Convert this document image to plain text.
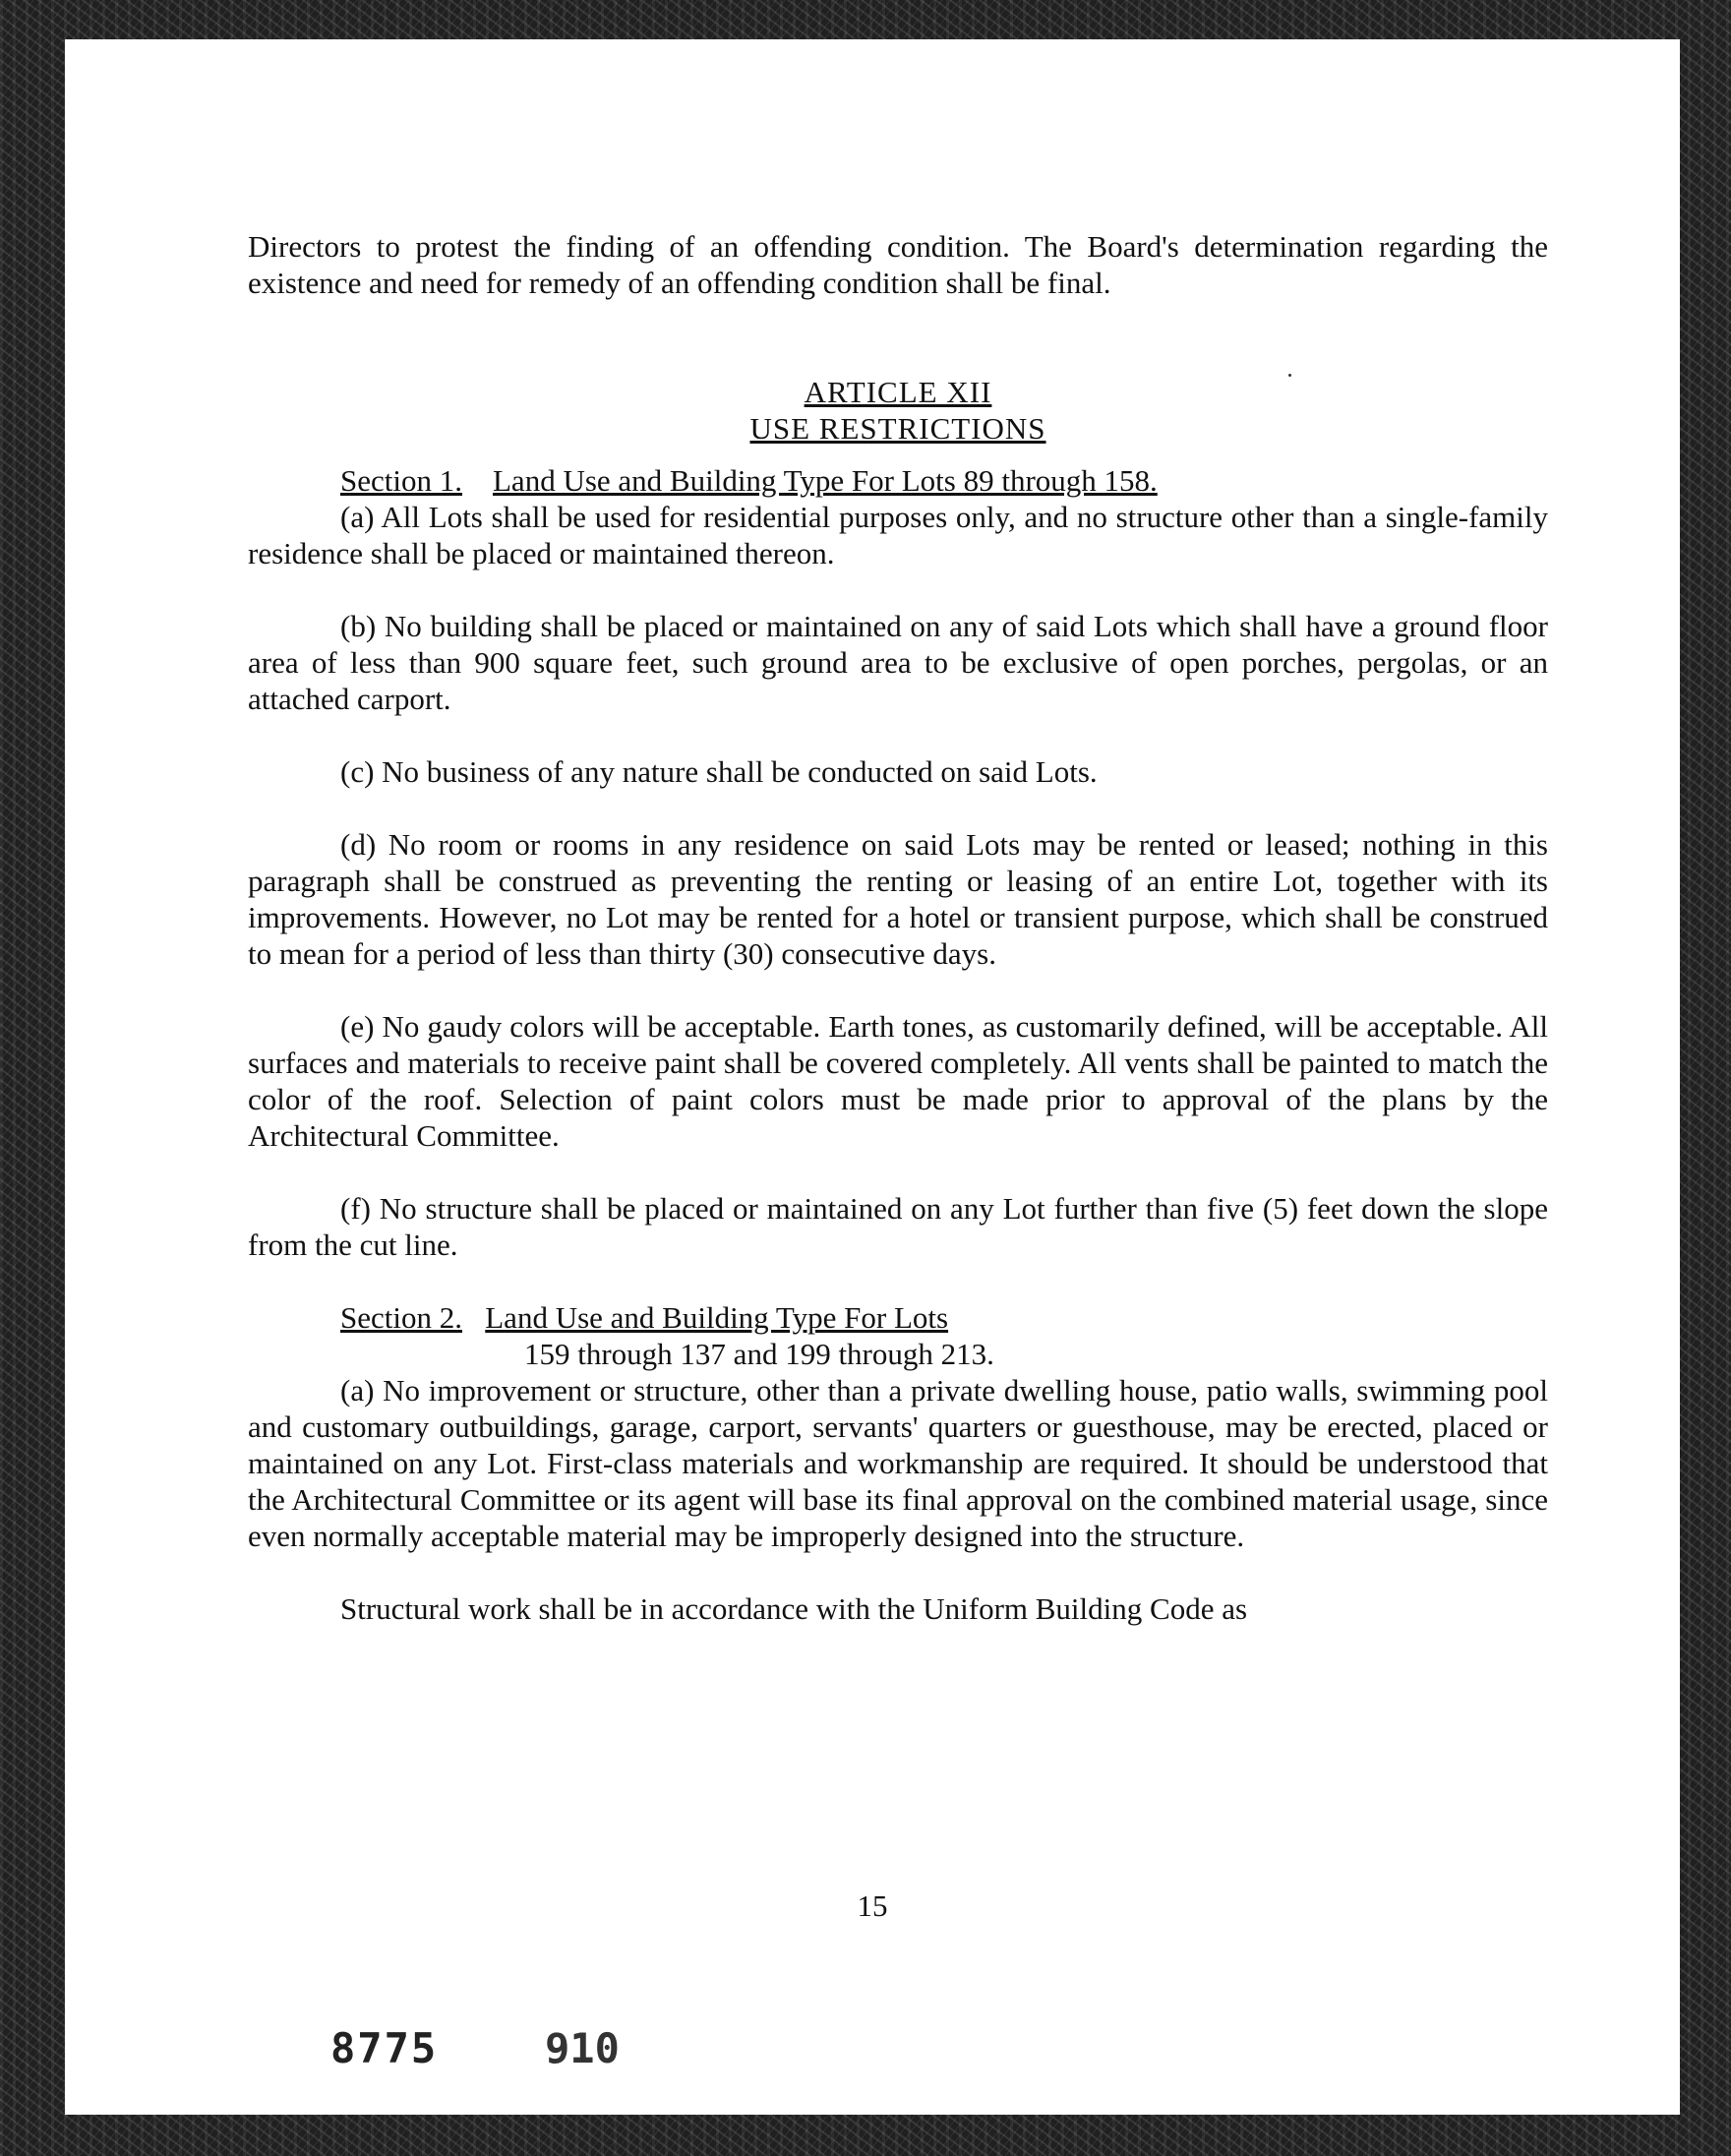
Directors to protest the finding of an offending condition. The Board's determination regarding the existence and need for remedy of an offending condition shall be final.

ARTICLE XII
USE RESTRICTIONS
Section 1. Land Use and Building Type For Lots 89 through 158.

(a) All Lots shall be used for residential purposes only, and no structure other than a single-family residence shall be placed or maintained thereon.

(b) No building shall be placed or maintained on any of said Lots which shall have a ground floor area of less than 900 square feet, such ground area to be exclusive of open porches, pergolas, or an attached carport.

(c) No business of any nature shall be conducted on said Lots.

(d) No room or rooms in any residence on said Lots may be rented or leased; nothing in this paragraph shall be construed as preventing the renting or leasing of an entire Lot, together with its improvements. However, no Lot may be rented for a hotel or transient purpose, which shall be construed to mean for a period of less than thirty (30) consecutive days.

(e) No gaudy colors will be acceptable. Earth tones, as customarily defined, will be acceptable. All surfaces and materials to receive paint shall be covered completely. All vents shall be painted to match the color of the roof. Selection of paint colors must be made prior to approval of the plans by the Architectural Committee.

(f) No structure shall be placed or maintained on any Lot further than five (5) feet down the slope from the cut line.

Section 2. Land Use and Building Type For Lots
159 through 137 and 199 through 213.

(a) No improvement or structure, other than a private dwelling house, patio walls, swimming pool and customary outbuildings, garage, carport, servants' quarters or guesthouse, may be erected, placed or maintained on any Lot. First-class materials and workmanship are required. It should be understood that the Architectural Committee or its agent will base its final approval on the combined material usage, since even normally acceptable material may be improperly designed into the structure.

Structural work shall be in accordance with the Uniform Building Code as

15
8775	910
